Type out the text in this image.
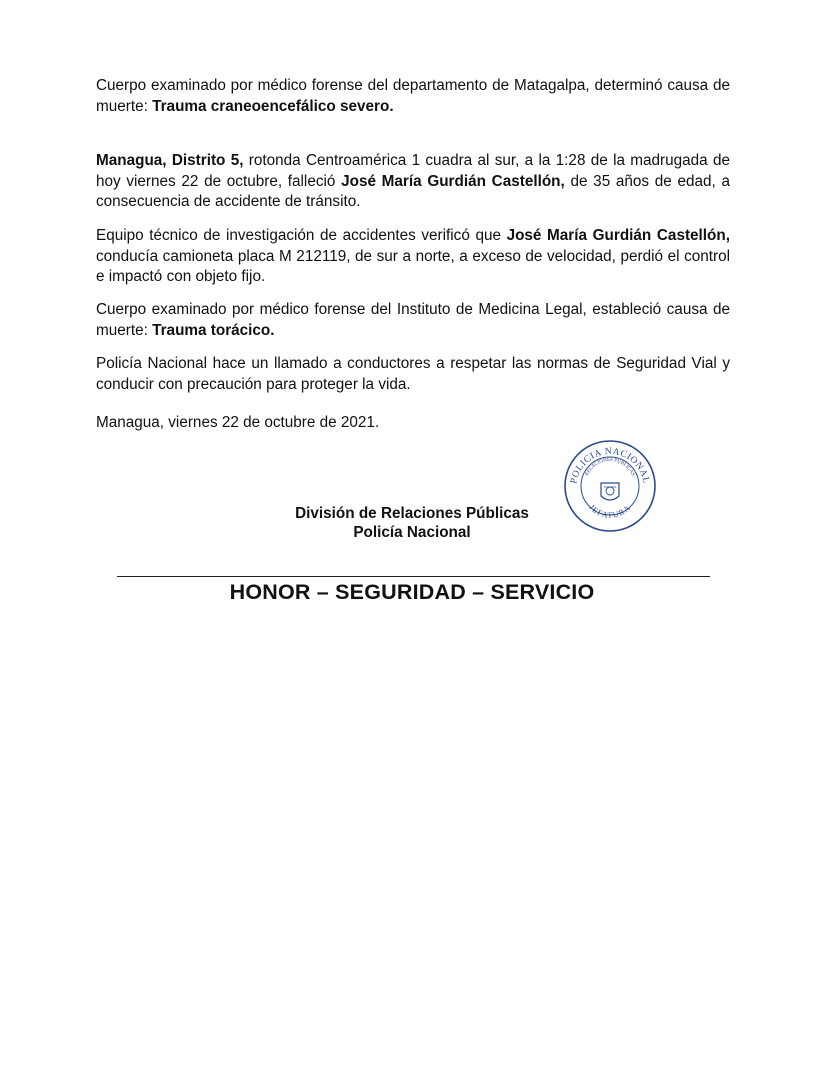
Cuerpo examinado por médico forense del departamento de Matagalpa, determinó causa de muerte: Trauma craneoencefálico severo.

Managua, Distrito 5, rotonda Centroamérica 1 cuadra al sur, a la 1:28 de la madrugada de hoy viernes 22 de octubre, falleció José María Gurdián Castellón, de 35 años de edad, a consecuencia de accidente de tránsito.

Equipo técnico de investigación de accidentes verificó que José María Gurdián Castellón, conducía camioneta placa M 212119, de sur a norte, a exceso de velocidad, perdió el control e impactó con objeto fijo.

Cuerpo examinado por médico forense del Instituto de Medicina Legal, estableció causa de muerte: Trauma torácico.

Policía Nacional hace un llamado a conductores a respetar las normas de Seguridad Vial y conducir con precaución para proteger la vida.

Managua, viernes 22 de octubre de 2021.

POLICIA NACIONAL
RELACIONES PUBLICAS
JEFATURA
División de Relaciones Públicas
Policía Nacional
HONOR – SEGURIDAD – SERVICIO
